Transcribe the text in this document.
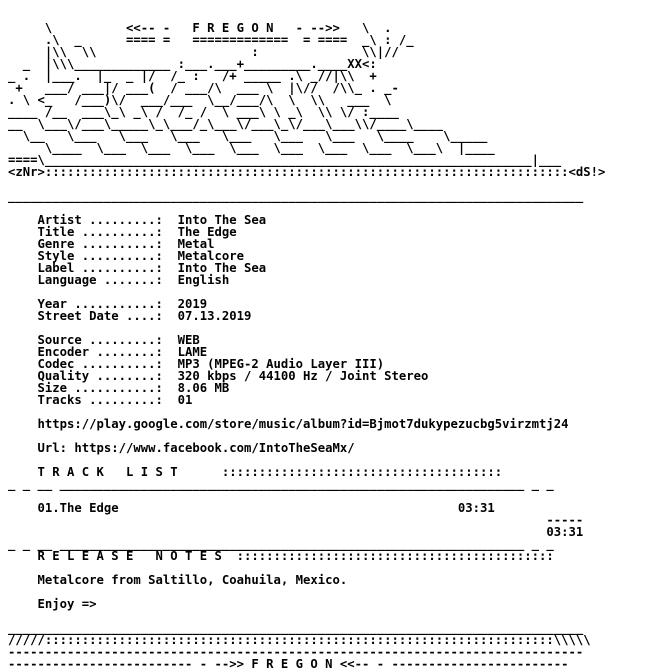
\          <<-- -   F R E G O N   - -->>   \  .
.\  _      ==== =   =============  = ====  _\ : /_
|\\  \\                     :              \\|//
_  |\\\_____________ :___.___+_________.____XX<:
_ .  |___.  |_  _ |/  /_ :   /+ _____ .\ _//|\\  +
+   ___/ ___|/ ___(  / ___/\  ___ \  |\//  /\\_ . _-
. \ <_   /___)\/  ___/___  \__/___/\  \  \\   ___  \
____ /__  ___\_\ _\ /  /_ /  \ ___\ \ _\  \\ \/ :____
__  \___\/___\_____\_\___/_\___\/___\_\/___\___\\/____\____
\__   \___   \___   \___   \___   \___   \___   \____    \_____
\____  \___  \___  \___  \___  \___  \___  \___  \___\  |____
====\__________________________________________________________________|___
<zNr>:::::::::::::::::::::::::::::::::::::::::::::::::::::::::::::::::::::::<dS!>
______________________________________________________________________________
Artist .........: Into The Sea
Title ..........: The Edge
Genre ..........: Metal
Style ..........: Metalcore
Label ..........: Into The Sea
Language .......: English
Year ...........: 2019
Street Date ....: 07.13.2019
Source .........: WEB
Encoder ........: LAME
Codec ..........: MP3 (MPEG-2 Audio Layer III)
Quality ........: 320 kbps / 44100 Hz / Joint Stereo
Size ...........: 8.06 MB
Tracks .........: 01
https://play.google.com/store/music/album?id=Bjmot7dukypezucbg5virzmtj24
Url: https://www.facebook.com/IntoTheSeaMx/
T R A C K   L I S T	::::::::::::::::::::::::::::::::::::::
_ _ __ _______________________________________________________________ _ _
01.The Edge	03:31
-----
03:31
_ _ __ _______________________________________________________________ _ _
R E L E A S E   N O T E S :::::::::::::::::::::::::::::::::::::::::::
Metalcore from Saltillo, Coahuila, Mexico.
Enjoy =>
______________________________________________________________________________
/////:::::::::::::::::::::::::::::::::::::::::::::::::::::::::::::::::::::\\\\\
------------------------------------------------------------------------------
------------------------- - -->> F R E G O N <<-- - ------------------------
